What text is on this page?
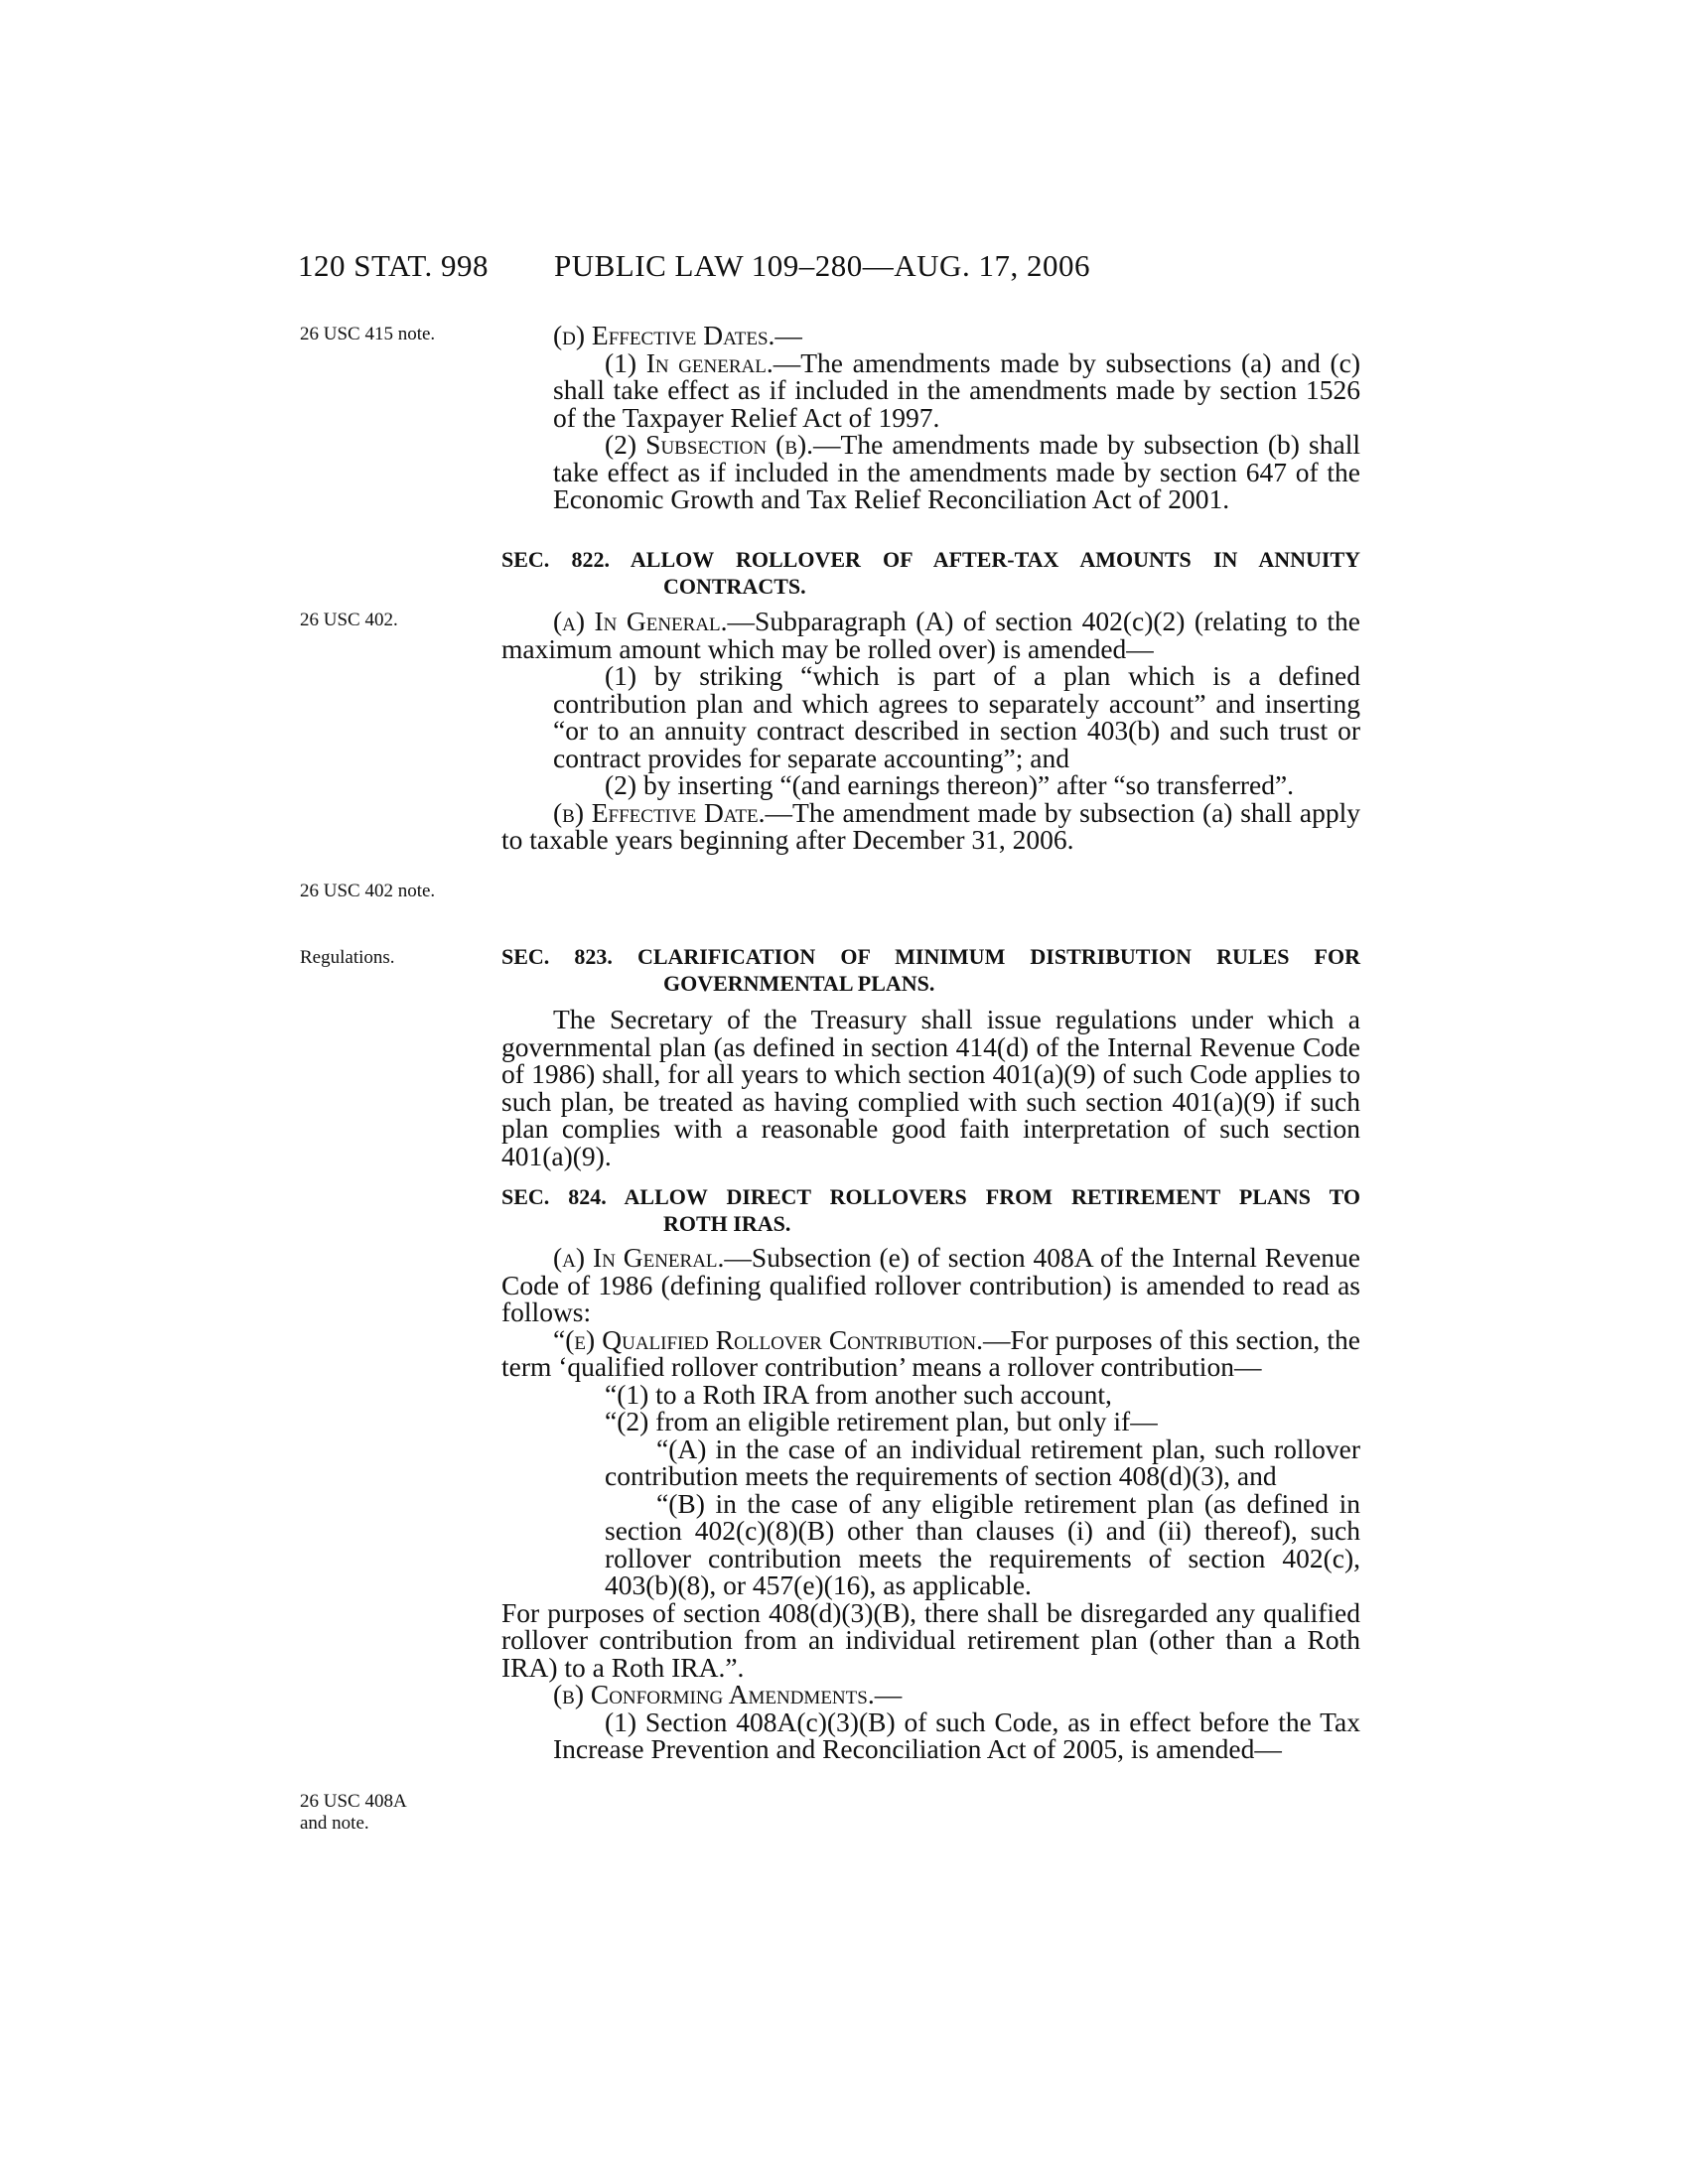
120 STAT. 998 PUBLIC LAW 109–280—AUG. 17, 2006
26 USC 415 note.
26 USC 402.
26 USC 402 note.
Regulations.
26 USC 408A
and note.

(d) Effective Dates.—

(1) In general.—The amendments made by subsections (a) and (c) shall take effect as if included in the amendments made by section 1526 of the Taxpayer Relief Act of 1997.

(2) Subsection (b).—The amendments made by subsection (b) shall take effect as if included in the amendments made by section 647 of the Economic Growth and Tax Relief Reconciliation Act of 2001.

SEC. 822. ALLOW ROLLOVER OF AFTER-TAX AMOUNTS IN ANNUITY
CONTRACTS.

(a) In General.—Subparagraph (A) of section 402(c)(2) (relating to the maximum amount which may be rolled over) is amended—

(1) by striking “which is part of a plan which is a defined contribution plan and which agrees to separately account” and inserting “or to an annuity contract described in section 403(b) and such trust or contract provides for separate accounting”; and

(2) by inserting “(and earnings thereon)” after “so transferred”.

(b) Effective Date.—The amendment made by subsection (a) shall apply to taxable years beginning after December 31, 2006.

SEC. 823. CLARIFICATION OF MINIMUM DISTRIBUTION RULES FOR
GOVERNMENTAL PLANS.

The Secretary of the Treasury shall issue regulations under which a governmental plan (as defined in section 414(d) of the Internal Revenue Code of 1986) shall, for all years to which section 401(a)(9) of such Code applies to such plan, be treated as having complied with such section 401(a)(9) if such plan complies with a reasonable good faith interpretation of such section 401(a)(9).

SEC. 824. ALLOW DIRECT ROLLOVERS FROM RETIREMENT PLANS TO
ROTH IRAS.

(a) In General.—Subsection (e) of section 408A of the Internal Revenue Code of 1986 (defining qualified rollover contribution) is amended to read as follows:

“(e) Qualified Rollover Contribution.—For purposes of this section, the term ‘qualified rollover contribution’ means a rollover contribution—

“(1) to a Roth IRA from another such account,

“(2) from an eligible retirement plan, but only if—

“(A) in the case of an individual retirement plan, such rollover contribution meets the requirements of section 408(d)(3), and

“(B) in the case of any eligible retirement plan (as defined in section 402(c)(8)(B) other than clauses (i) and (ii) thereof), such rollover contribution meets the requirements of section 402(c), 403(b)(8), or 457(e)(16), as applicable.

For purposes of section 408(d)(3)(B), there shall be disregarded any qualified rollover contribution from an individual retirement plan (other than a Roth IRA) to a Roth IRA.”.

(b) Conforming Amendments.—

(1) Section 408A(c)(3)(B) of such Code, as in effect before the Tax Increase Prevention and Reconciliation Act of 2005, is amended—
